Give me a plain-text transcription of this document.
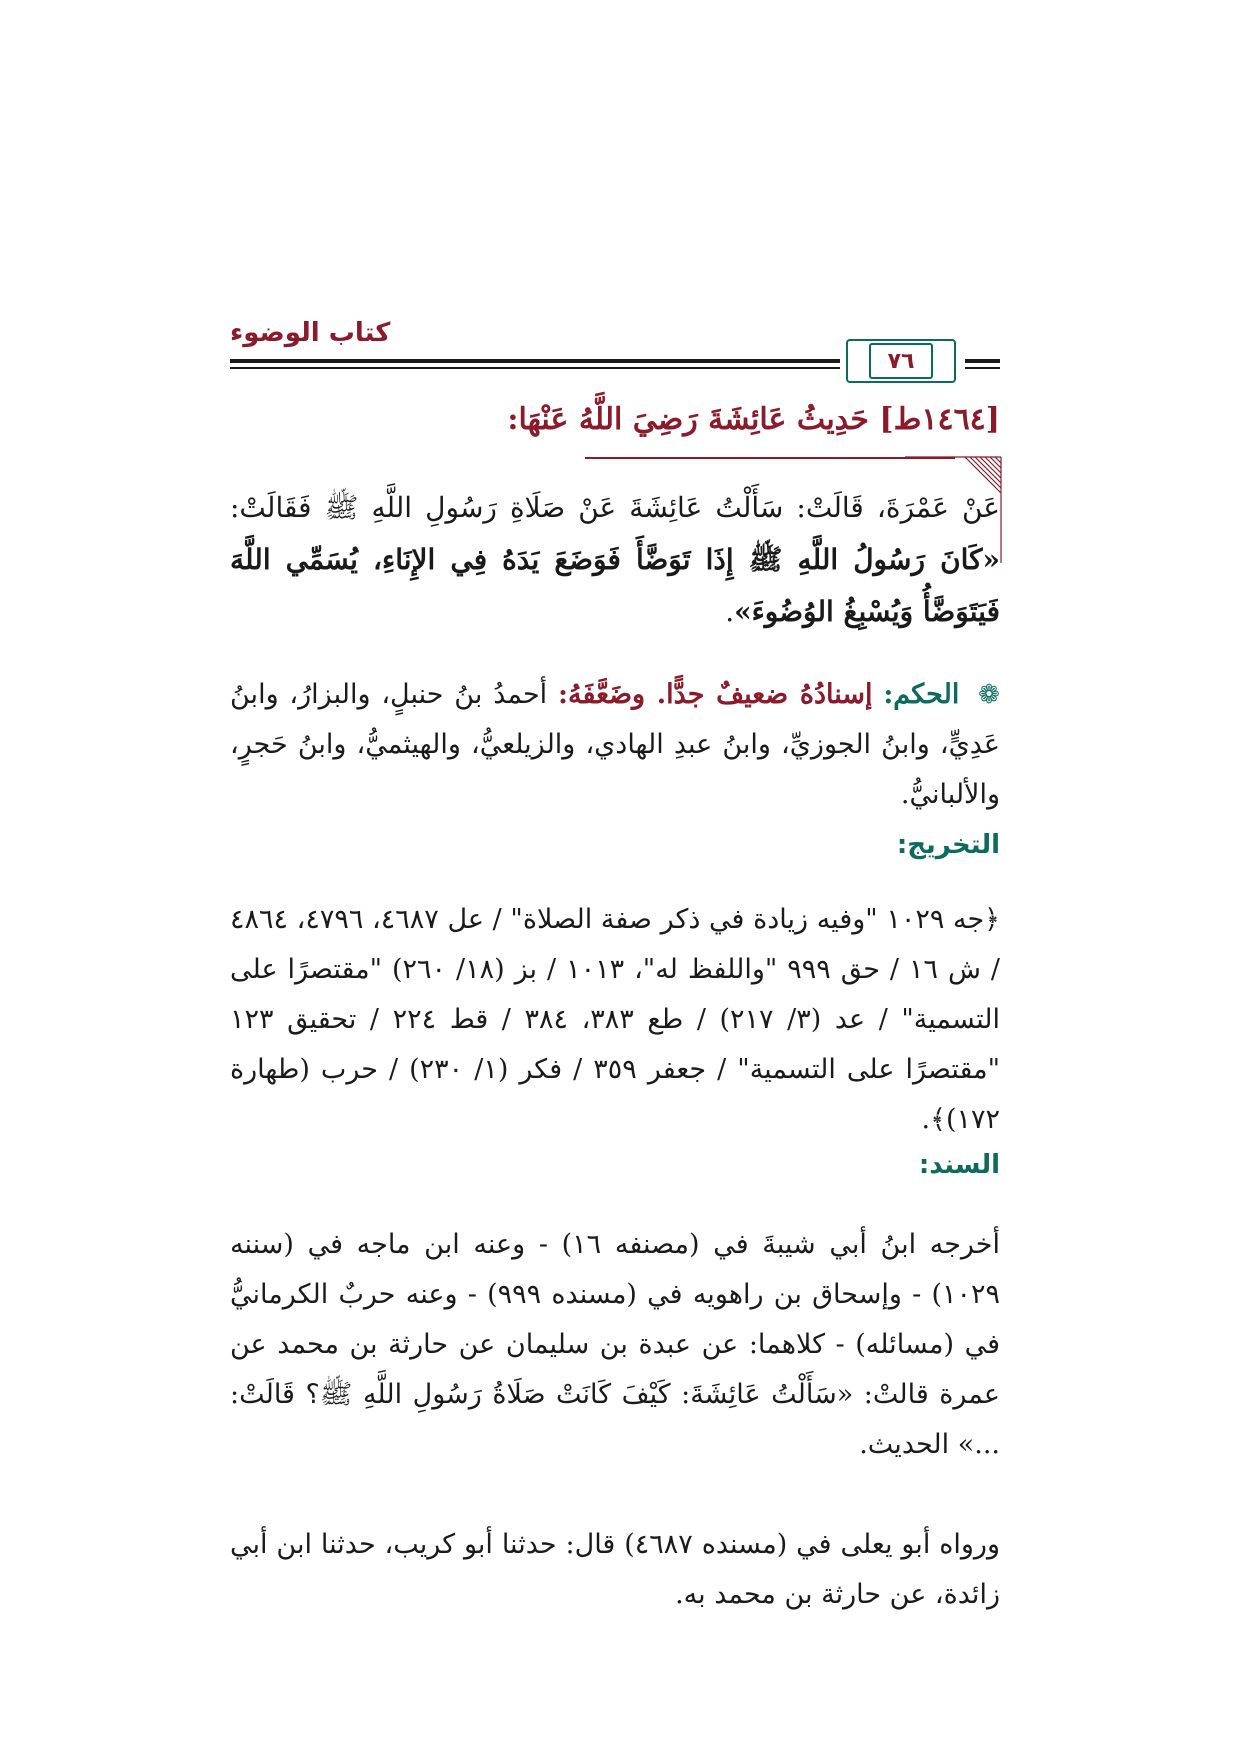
كتاب الوضوء
٧٦
[١٤٦٤ط] حَدِيثُ عَائِشَةَ رَضِيَ اللَّهُ عَنْهَا:
عَنْ عَمْرَةَ، قَالَتْ: سَأَلْتُ عَائِشَةَ عَنْ صَلَاةِ رَسُولِ اللَّهِ ﷺ فَقَالَتْ: «كَانَ رَسُولُ اللَّهِ ﷺ إِذَا تَوَضَّأَ فَوَضَعَ يَدَهُ فِي الإِنَاءِ، يُسَمِّي اللَّهَ فَيَتَوَضَّأُ وَيُسْبِغُ الوُضُوءَ».
❁ الحكم: إسنادُهُ ضعيفٌ جدًّا. وضَعَّفَهُ: أحمدُ بنُ حنبلٍ، والبزارُ، وابنُ عَدِيٍّ، وابنُ الجوزيِّ، وابنُ عبدِ الهادي، والزيلعيُّ، والهيثميُّ، وابنُ حَجرٍ، والألبانيُّ.
التخريج:
﴿جه ١٠٢٩ "وفيه زيادة في ذكر صفة الصلاة" / عل ٤٦٨٧، ٤٧٩٦، ٤٨٦٤ / ش ١٦ / حق ٩٩٩ "واللفظ له"، ١٠١٣ / بز (١٨/ ٢٦٠) "مقتصرًا على التسمية" / عد (٣/ ٢١٧) / طع ٣٨٣، ٣٨٤ / قط ٢٢٤ / تحقيق ١٢٣ "مقتصرًا على التسمية" / جعفر ٣٥٩ / فكر (١/ ٢٣٠) / حرب (طهارة ١٧٢)﴾.
السند:
أخرجه ابنُ أبي شيبةَ في (مصنفه ١٦) - وعنه ابن ماجه في (سننه ١٠٢٩) - وإسحاق بن راهويه في (مسنده ٩٩٩) - وعنه حربٌ الكرمانيُّ في (مسائله) - كلاهما: عن عبدة بن سليمان عن حارثة بن محمد عن عمرة قالتْ: «سَأَلْتُ عَائِشَةَ: كَيْفَ كَانَتْ صَلَاةُ رَسُولِ اللَّهِ ﷺ؟ قَالَتْ: ...» الحديث.
ورواه أبو يعلى في (مسنده ٤٦٨٧) قال: حدثنا أبو كريب، حدثنا ابن أبي زائدة، عن حارثة بن محمد به.
